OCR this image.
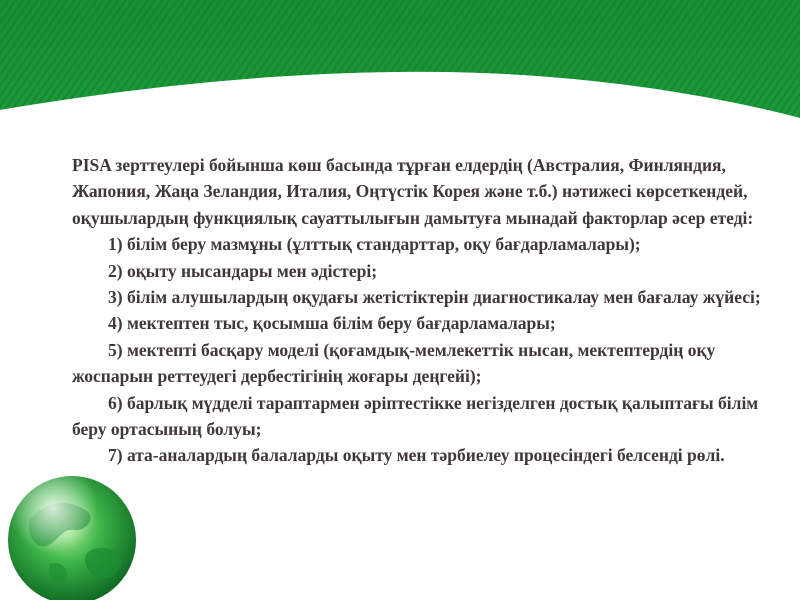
PISA зерттеулері бойынша көш басында тұрған елдердің (Австралия, Финляндия, Жапония, Жаңа Зеландия, Италия, Оңтүстік Корея және т.б.) нәтижесі көрсеткендей, оқушылардың функциялық сауаттылығын дамытуға мынадай факторлар әсер етеді:

1) білім беру мазмұны (ұлттық стандарттар, оқу бағдарламалары);

2) оқыту нысандары мен әдістері;

3) білім алушылардың оқудағы жетістіктерін диагностикалау мен бағалау жүйесі;

4) мектептен тыс, қосымша білім беру бағдарламалары;

5) мектепті басқару моделі (қоғамдық-мемлекеттік нысан, мектептердің оқу жоспарын реттеудегі дербестігінің жоғары деңгейі);

6) барлық мүдделі тараптармен әріптестікке негізделген достық қалыптағы білім беру ортасының болуы;

7) ата-аналардың балаларды оқыту мен тәрбиелеу процесіндегі белсенді рөлі.
